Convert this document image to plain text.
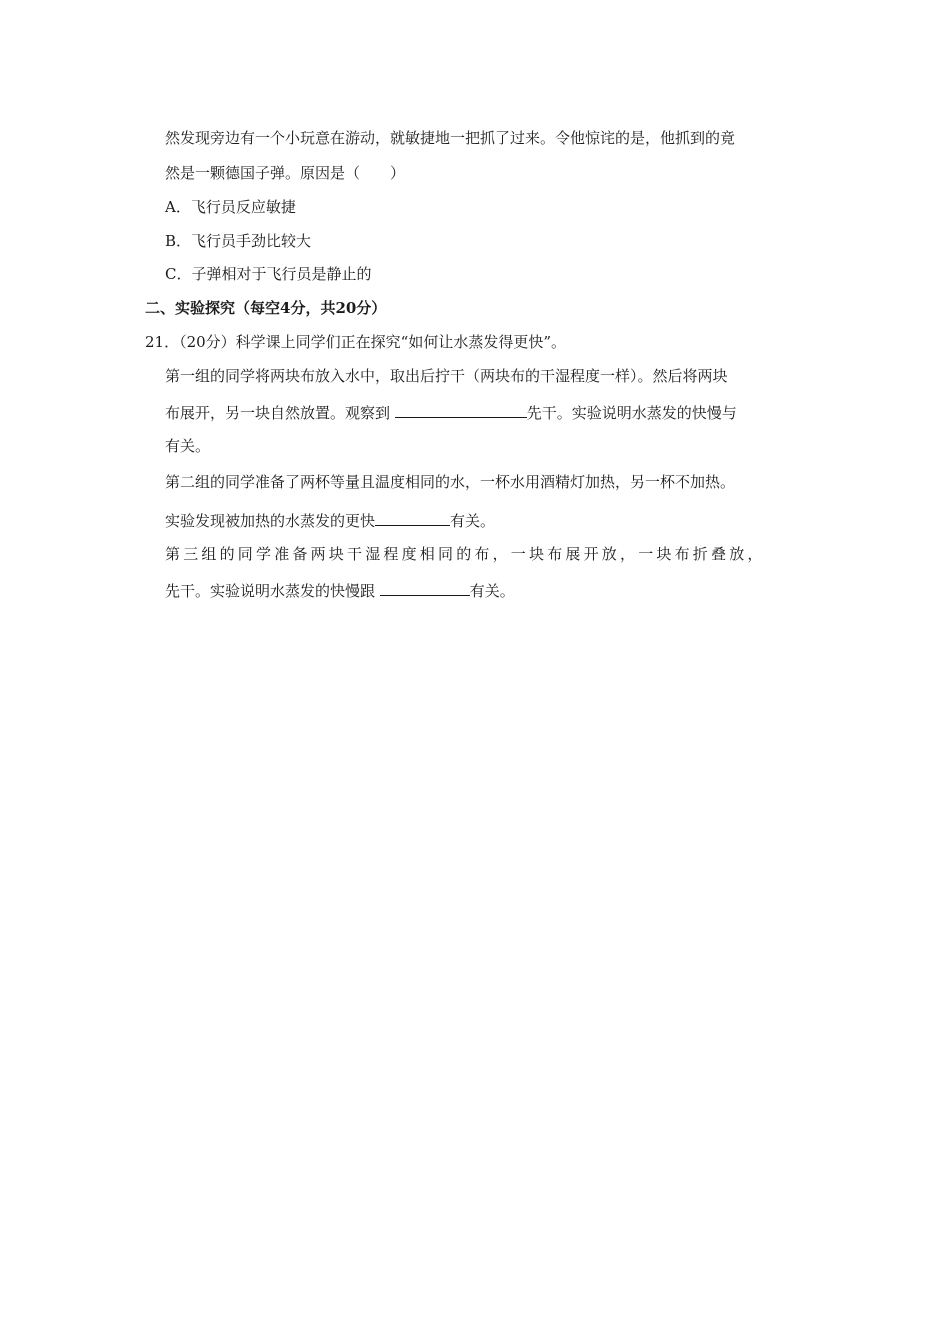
然发现旁边有一个小玩意在游动，就敏捷地一把抓了过来。令他惊诧的是，他抓到的竟
然是一颗德国子弹。原因是（　　）
A．飞行员反应敏捷
B．飞行员手劲比较大
C．子弹相对于飞行员是静止的
二、实验探究（每空4分，共20分）
21．（20分）科学课上同学们正在探究“如何让水蒸发得更快”。
第一组的同学将两块布放入水中，取出后拧干（两块布的干湿程度一样）。然后将两块
布展开，另一块自然放置。观察到	先干。实验说明水蒸发的快慢与
有关。
第二组的同学准备了两杯等量且温度相同的水，一杯水用酒精灯加热，另一杯不加热。
实验发现被加热的水蒸发的更快	有关。
第三组的同学准备两块干湿程度相同的布，一块布展开放，一块布折叠放，
先干。实验说明水蒸发的快慢跟	有关。
